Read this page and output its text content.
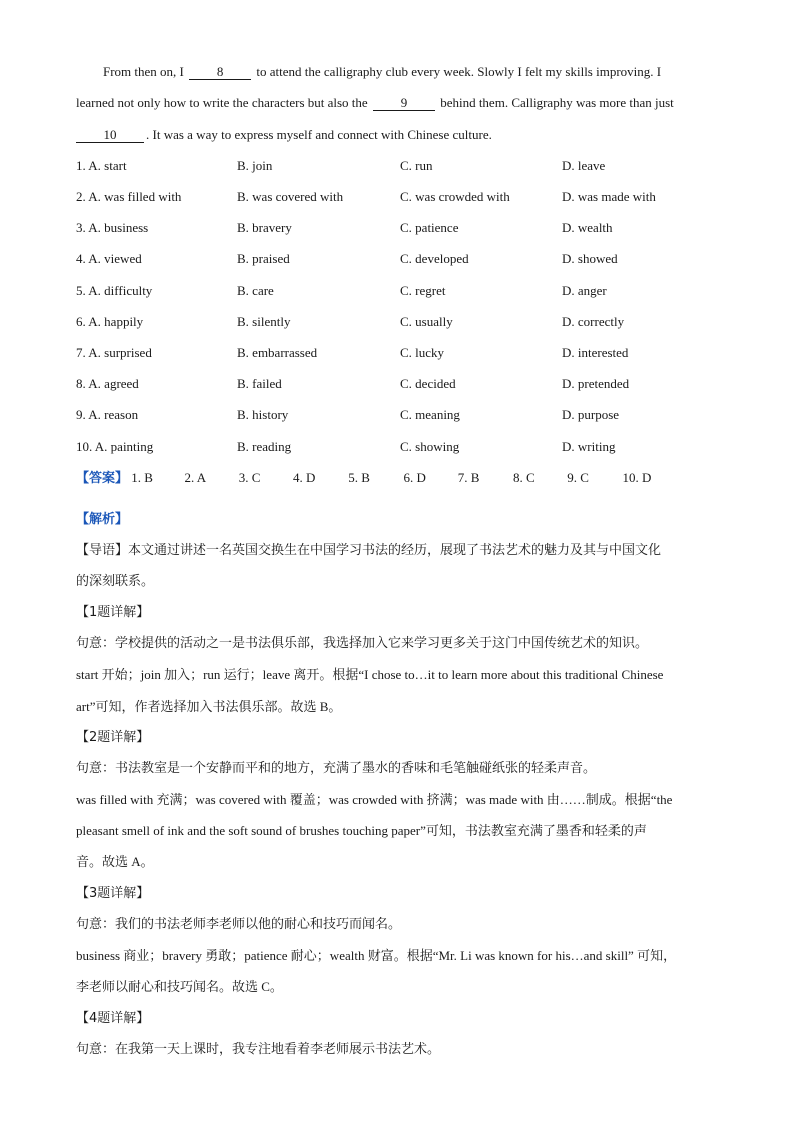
From then on, I	8	to attend the calligraphy club every week. Slowly I felt my skills improving. I
learned not only how to write the characters but also the	9	behind them. Calligraphy was more than just
10 . It was a way to express myself and connect with Chinese culture.
1. A. start	B. join	C. run	D. leave
2. A. was filled with	B. was covered with	C. was crowded with	D. was made with
3. A. business	B. bravery	C. patience	D. wealth
4. A. viewed	B. praised	C. developed	D. showed
5. A. difficulty	B. care	C. regret	D. anger
6. A. happily	B. silently	C. usually	D. correctly
7. A. surprised	B. embarrassed	C. lucky	D. interested
8. A. agreed	B. failed	C. decided	D. pretended
9. A. reason	B. history	C. meaning	D. purpose
10. A. painting	B. reading	C. showing	D. writing
【答案】 1. B 2. A	3. C	4. D	5. B	6. D 7. B	8. C	9. C	10. D
【解析】
【导语】本文通过讲述一名英国交换生在中国学习书法的经历，展现了书法艺术的魅力及其与中国文化
的深刻联系。
【1题详解】
句意：学校提供的活动之一是书法俱乐部，我选择加入它来学习更多关于这门中国传统艺术的知识。
start 开始；join 加入；run 运行；leave 离开。根据“I chose to…it to learn more about this traditional Chinese
art”可知，作者选择加入书法俱乐部。故选 B。
【2题详解】
句意：书法教室是一个安静而平和的地方，充满了墨水的香味和毛笔触碰纸张的轻柔声音。
was filled with 充满；was covered with 覆盖；was crowded with 挤满；was made with 由……制成。根据“the
pleasant smell of ink and the soft sound of brushes touching paper”可知，书法教室充满了墨香和轻柔的声
音。故选 A。
【3题详解】
句意：我们的书法老师李老师以他的耐心和技巧而闻名。
business 商业；bravery 勇敢；patience 耐心；wealth 财富。根据“Mr. Li was known for his…and skill” 可知，
李老师以耐心和技巧闻名。故选 C。
【4题详解】
句意：在我第一天上课时，我专注地看着李老师展示书法艺术。
